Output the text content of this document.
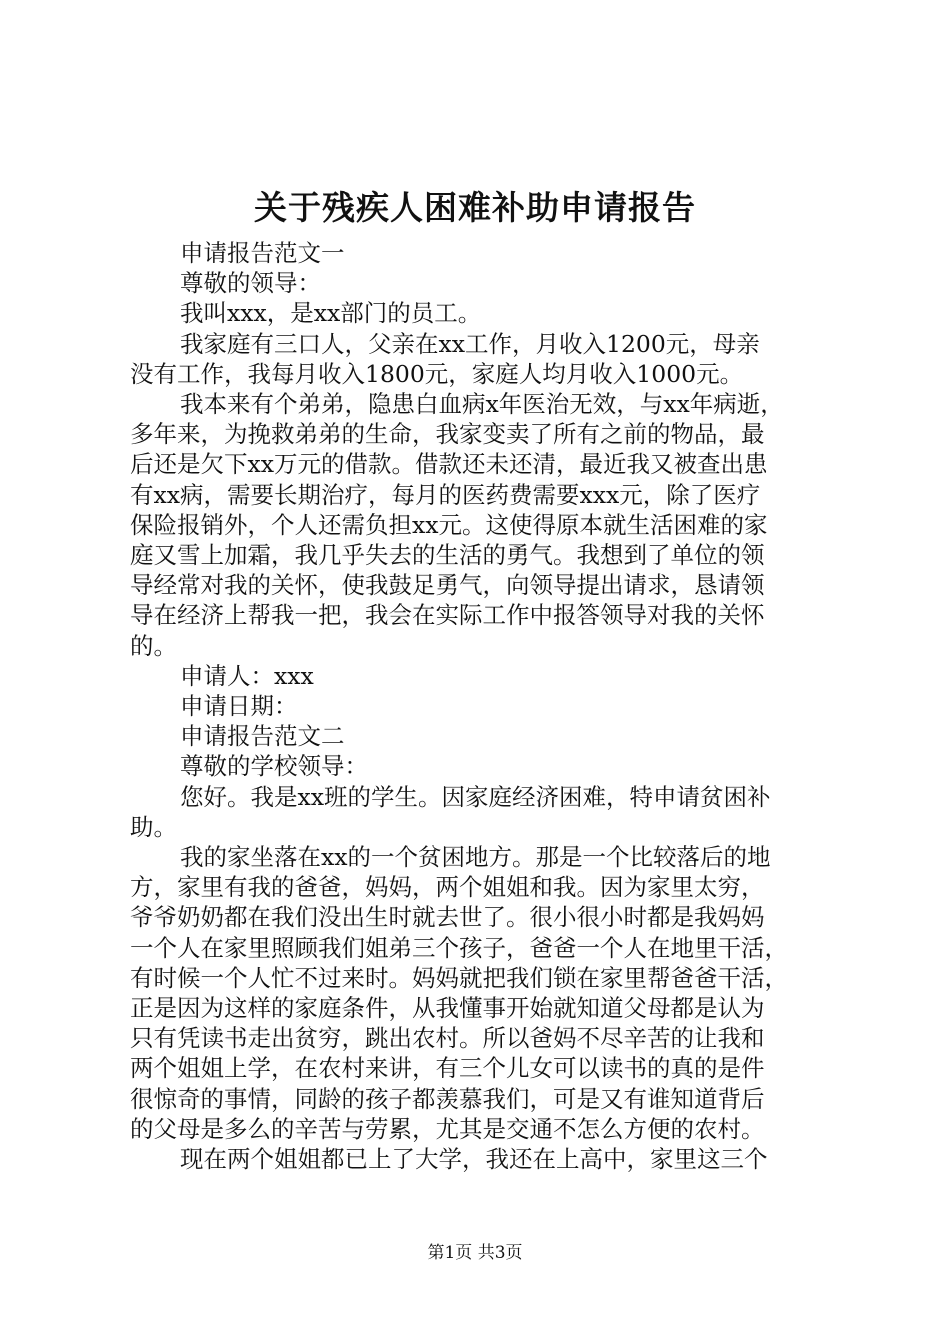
关于残疾人困难补助申请报告
申请报告范文一
尊敬的领导：
我叫xxx，是xx部门的员工。
我家庭有三口人，父亲在xx工作，月收入1200元，母亲
没有工作，我每月收入1800元，家庭人均月收入1000元。
我本来有个弟弟，隐患白血病x年医治无效，与xx年病逝，
多年来，为挽救弟弟的生命，我家变卖了所有之前的物品，最
后还是欠下xx万元的借款。借款还未还清，最近我又被查出患
有xx病，需要长期治疗，每月的医药费需要xxx元，除了医疗
保险报销外，个人还需负担xx元。这使得原本就生活困难的家
庭又雪上加霜，我几乎失去的生活的勇气。我想到了单位的领
导经常对我的关怀，使我鼓足勇气，向领导提出请求，恳请领
导在经济上帮我一把，我会在实际工作中报答领导对我的关怀
的。
申请人：xxx
申请日期：
申请报告范文二
尊敬的学校领导：
您好。我是xx班的学生。因家庭经济困难，特申请贫困补
助。
我的家坐落在xx的一个贫困地方。那是一个比较落后的地
方，家里有我的爸爸，妈妈，两个姐姐和我。因为家里太穷，
爷爷奶奶都在我们没出生时就去世了。很小很小时都是我妈妈
一个人在家里照顾我们姐弟三个孩子，爸爸一个人在地里干活，
有时候一个人忙不过来时。妈妈就把我们锁在家里帮爸爸干活，
正是因为这样的家庭条件，从我懂事开始就知道父母都是认为
只有凭读书走出贫穷，跳出农村。所以爸妈不尽辛苦的让我和
两个姐姐上学，在农村来讲，有三个儿女可以读书的真的是件
很惊奇的事情，同龄的孩子都羡慕我们，可是又有谁知道背后
的父母是多么的辛苦与劳累，尤其是交通不怎么方便的农村。
现在两个姐姐都已上了大学，我还在上高中，家里这三个
第1页 共3页
